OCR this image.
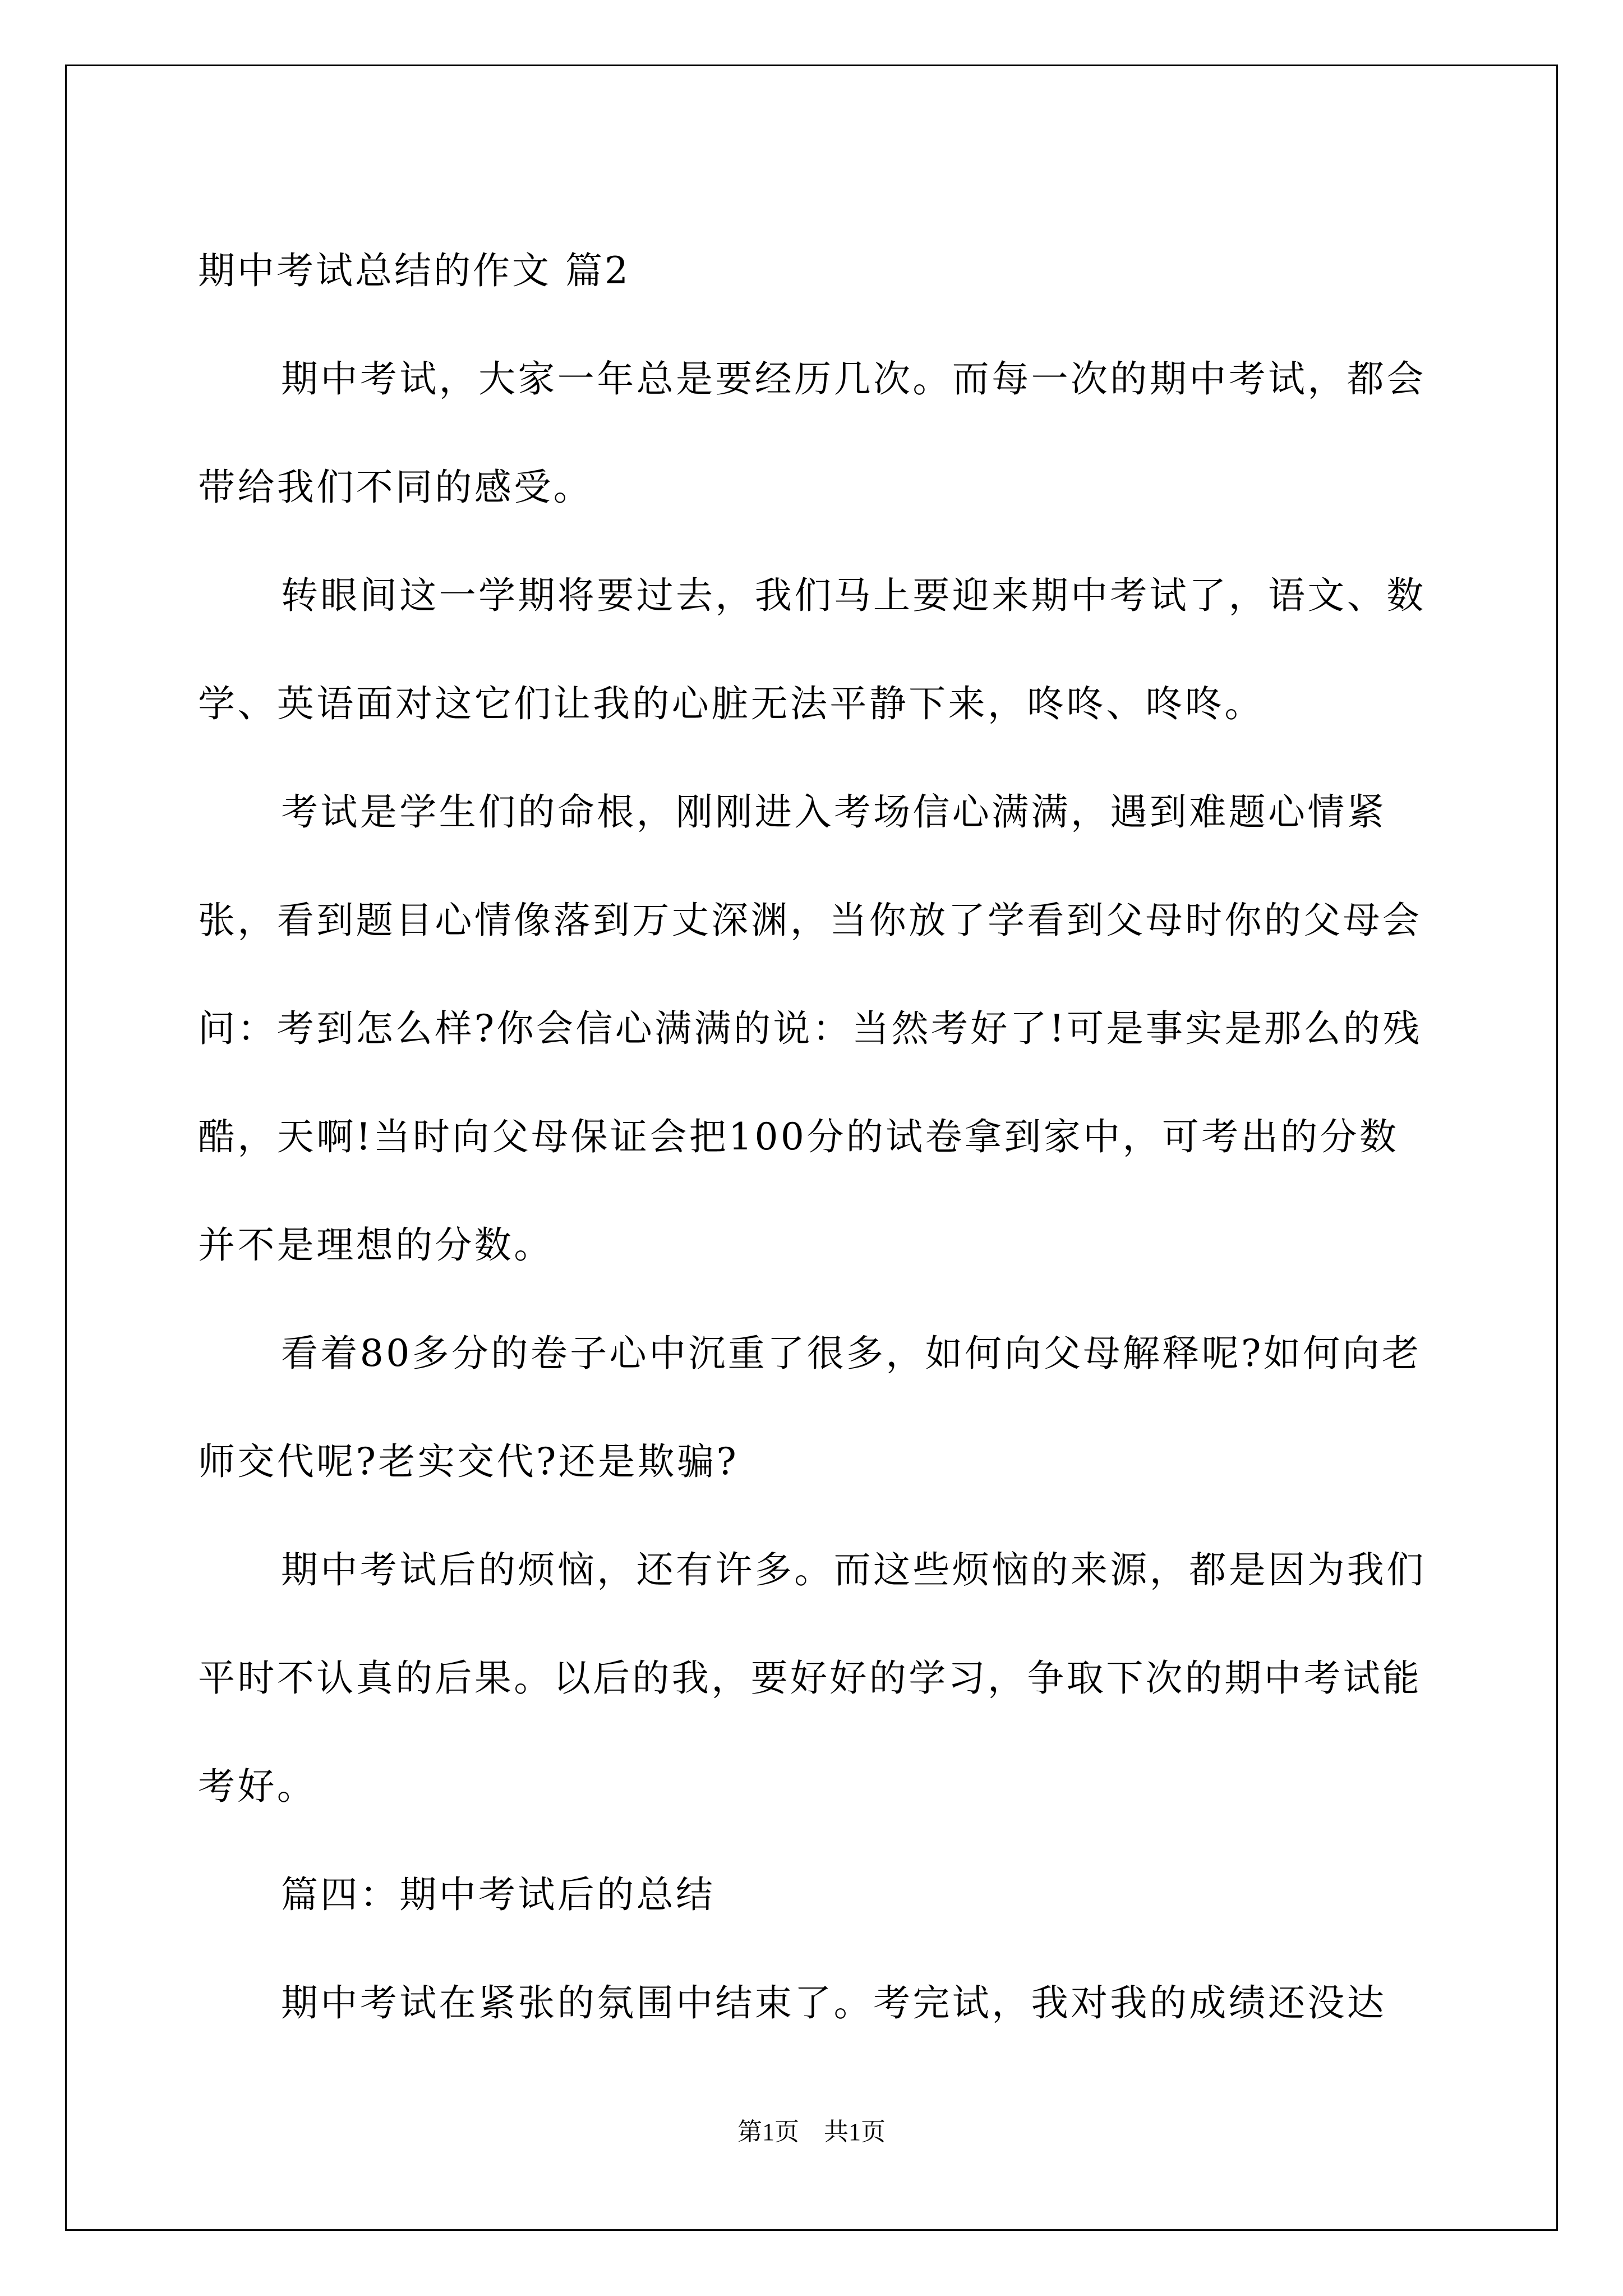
期中考试总结的作文 篇2

期中考试，大家一年总是要经历几次。而每一次的期中考试，都会带给我们不同的感受。

转眼间这一学期将要过去，我们马上要迎来期中考试了，语文、数学、英语面对这它们让我的心脏无法平静下来，咚咚、咚咚。

考试是学生们的命根，刚刚进入考场信心满满，遇到难题心情紧张，看到题目心情像落到万丈深渊，当你放了学看到父母时你的父母会问：考到怎么样?你会信心满满的说：当然考好了!可是事实是那么的残酷，天啊!当时向父母保证会把100分的试卷拿到家中，可考出的分数并不是理想的分数。

看着80多分的卷子心中沉重了很多，如何向父母解释呢?如何向老师交代呢?老实交代?还是欺骗?

期中考试后的烦恼，还有许多。而这些烦恼的来源，都是因为我们平时不认真的后果。以后的我，要好好的学习，争取下次的期中考试能考好。

篇四：期中考试后的总结

期中考试在紧张的氛围中结束了。考完试，我对我的成绩还没达

第1页 共1页
